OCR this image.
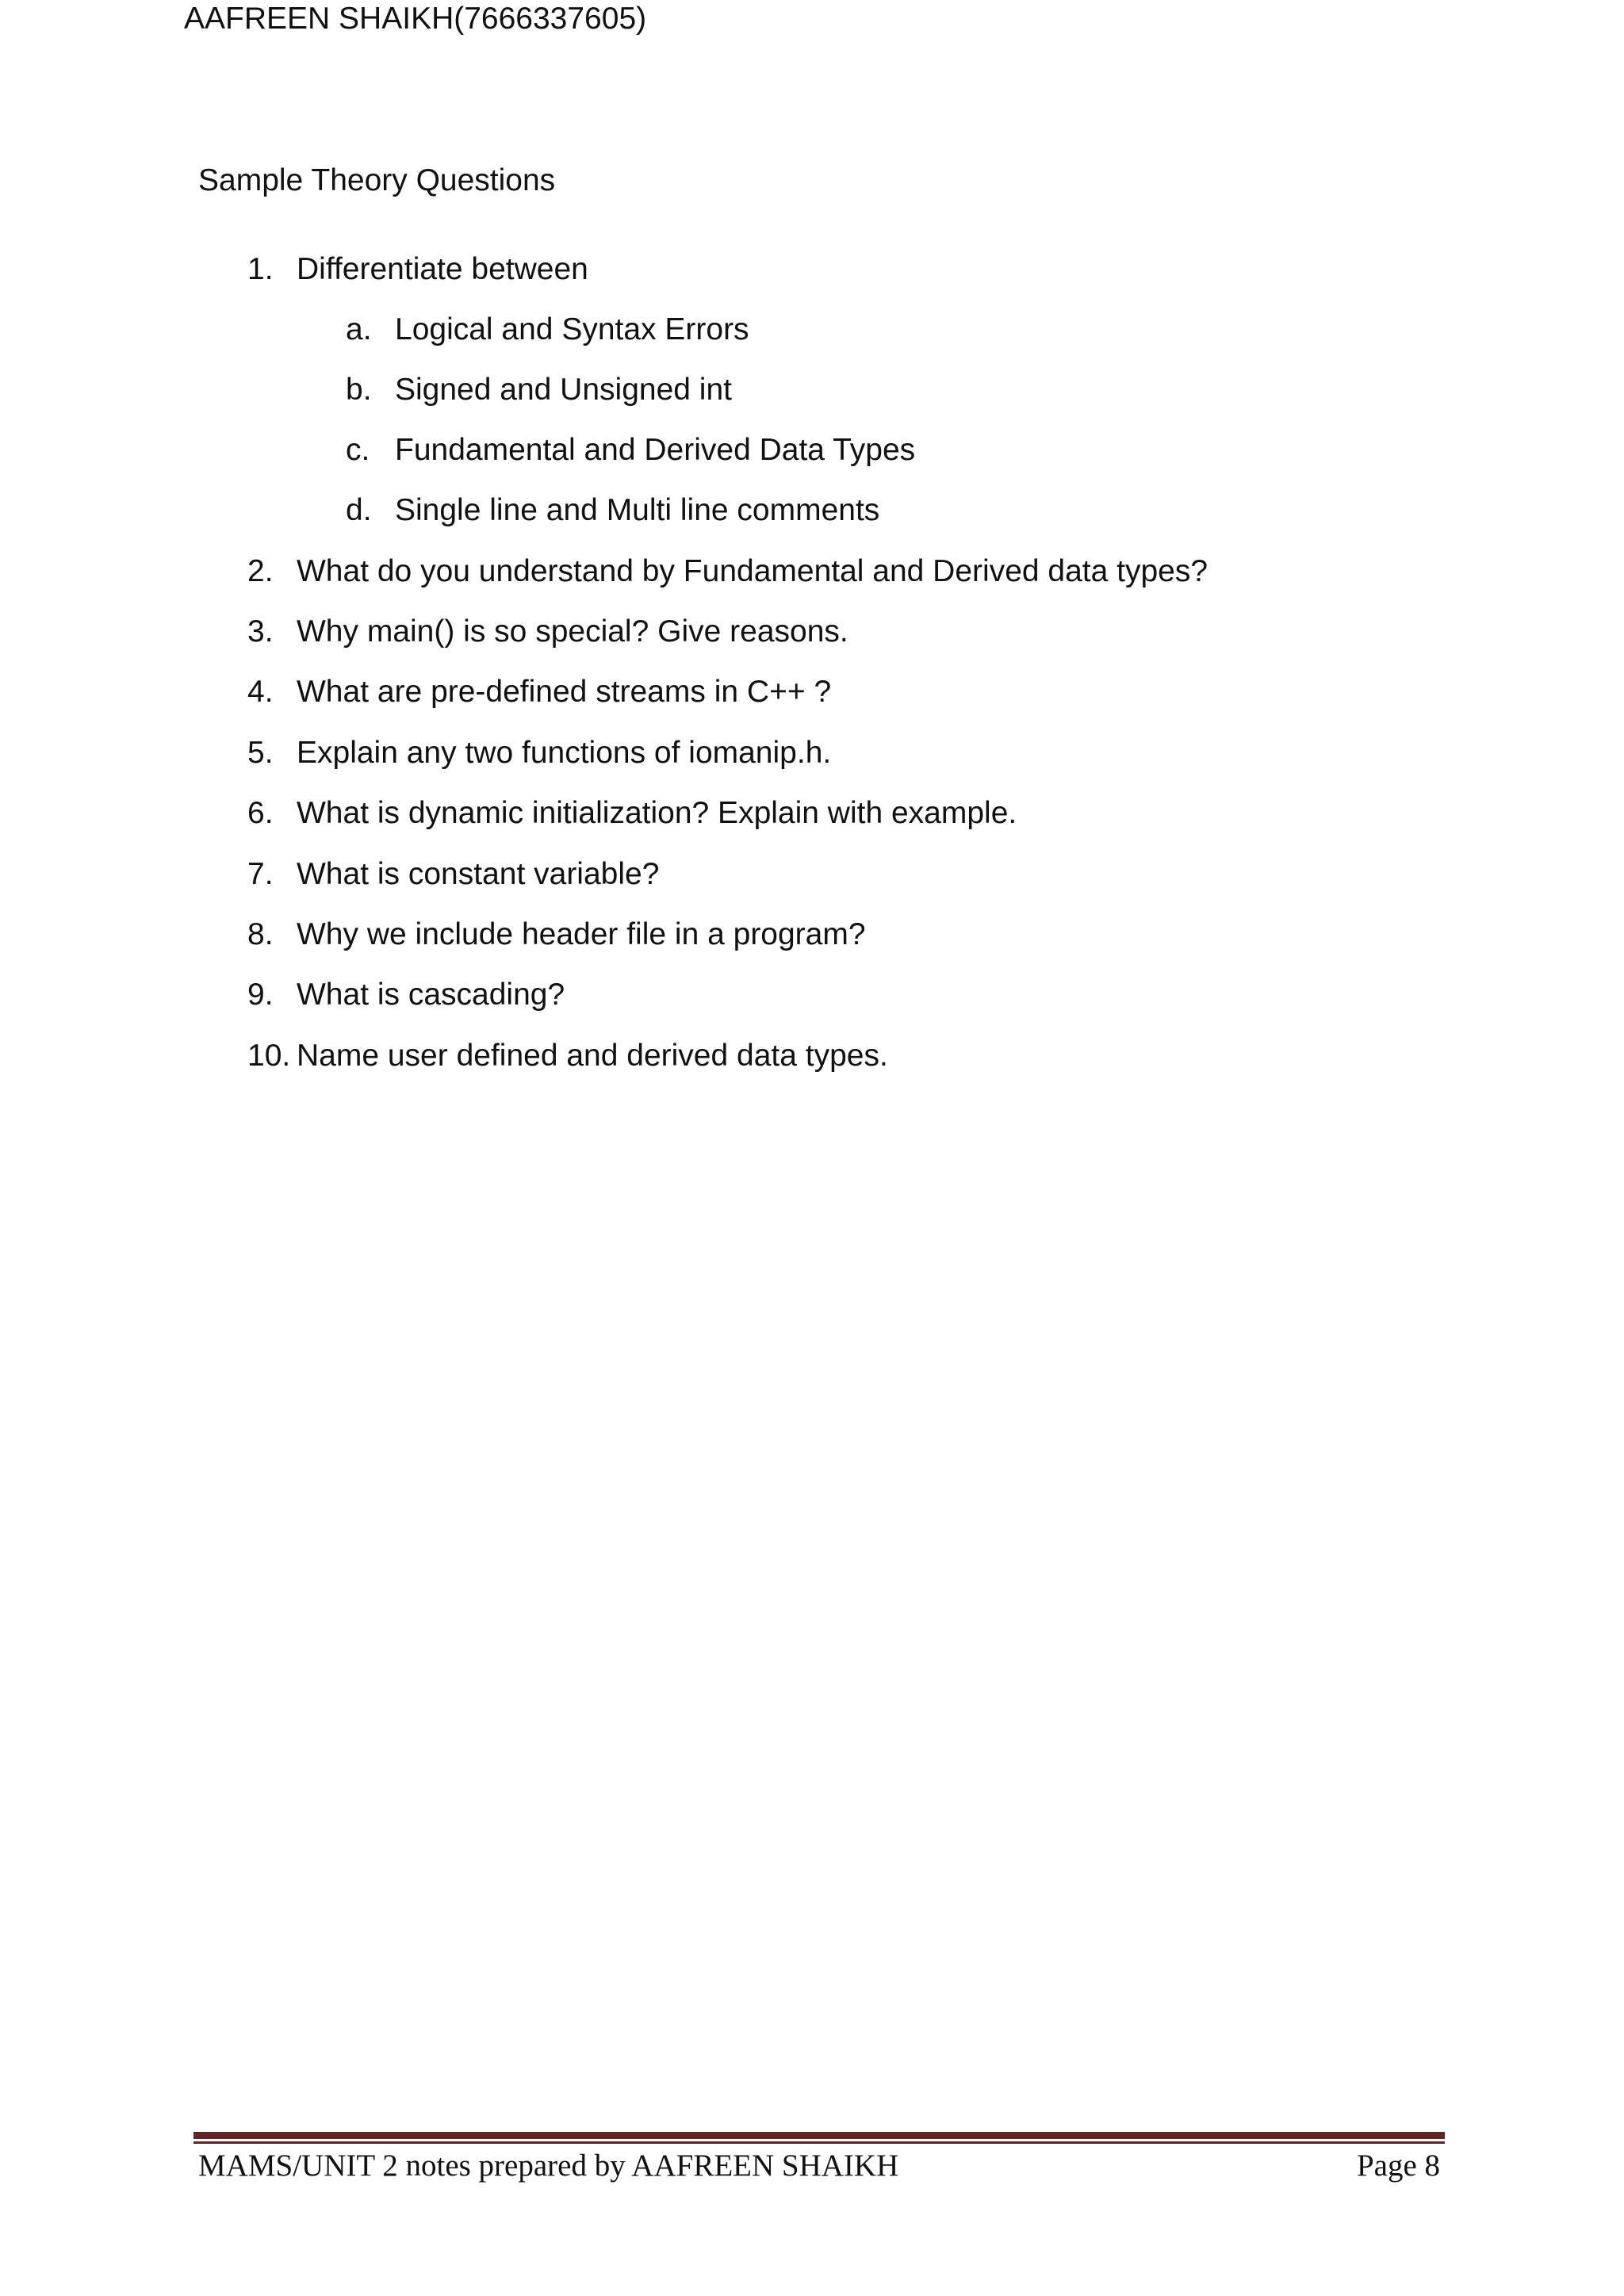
AAFREEN SHAIKH(7666337605)
Sample Theory Questions
1. Differentiate between
a. Logical and Syntax Errors
b. Signed and Unsigned int
c. Fundamental and Derived Data Types
d. Single line and Multi line comments
2. What do you understand by Fundamental and Derived data types?
3. Why main() is so special? Give reasons.
4. What are pre-defined streams in C++ ?
5. Explain any two functions of iomanip.h.
6. What is dynamic initialization? Explain with example.
7. What is constant variable?
8. Why we include header file in a program?
9. What is cascading?
10. Name user defined and derived data types.
MAMS/UNIT 2 notes prepared by AAFREEN SHAIKH	Page 8
